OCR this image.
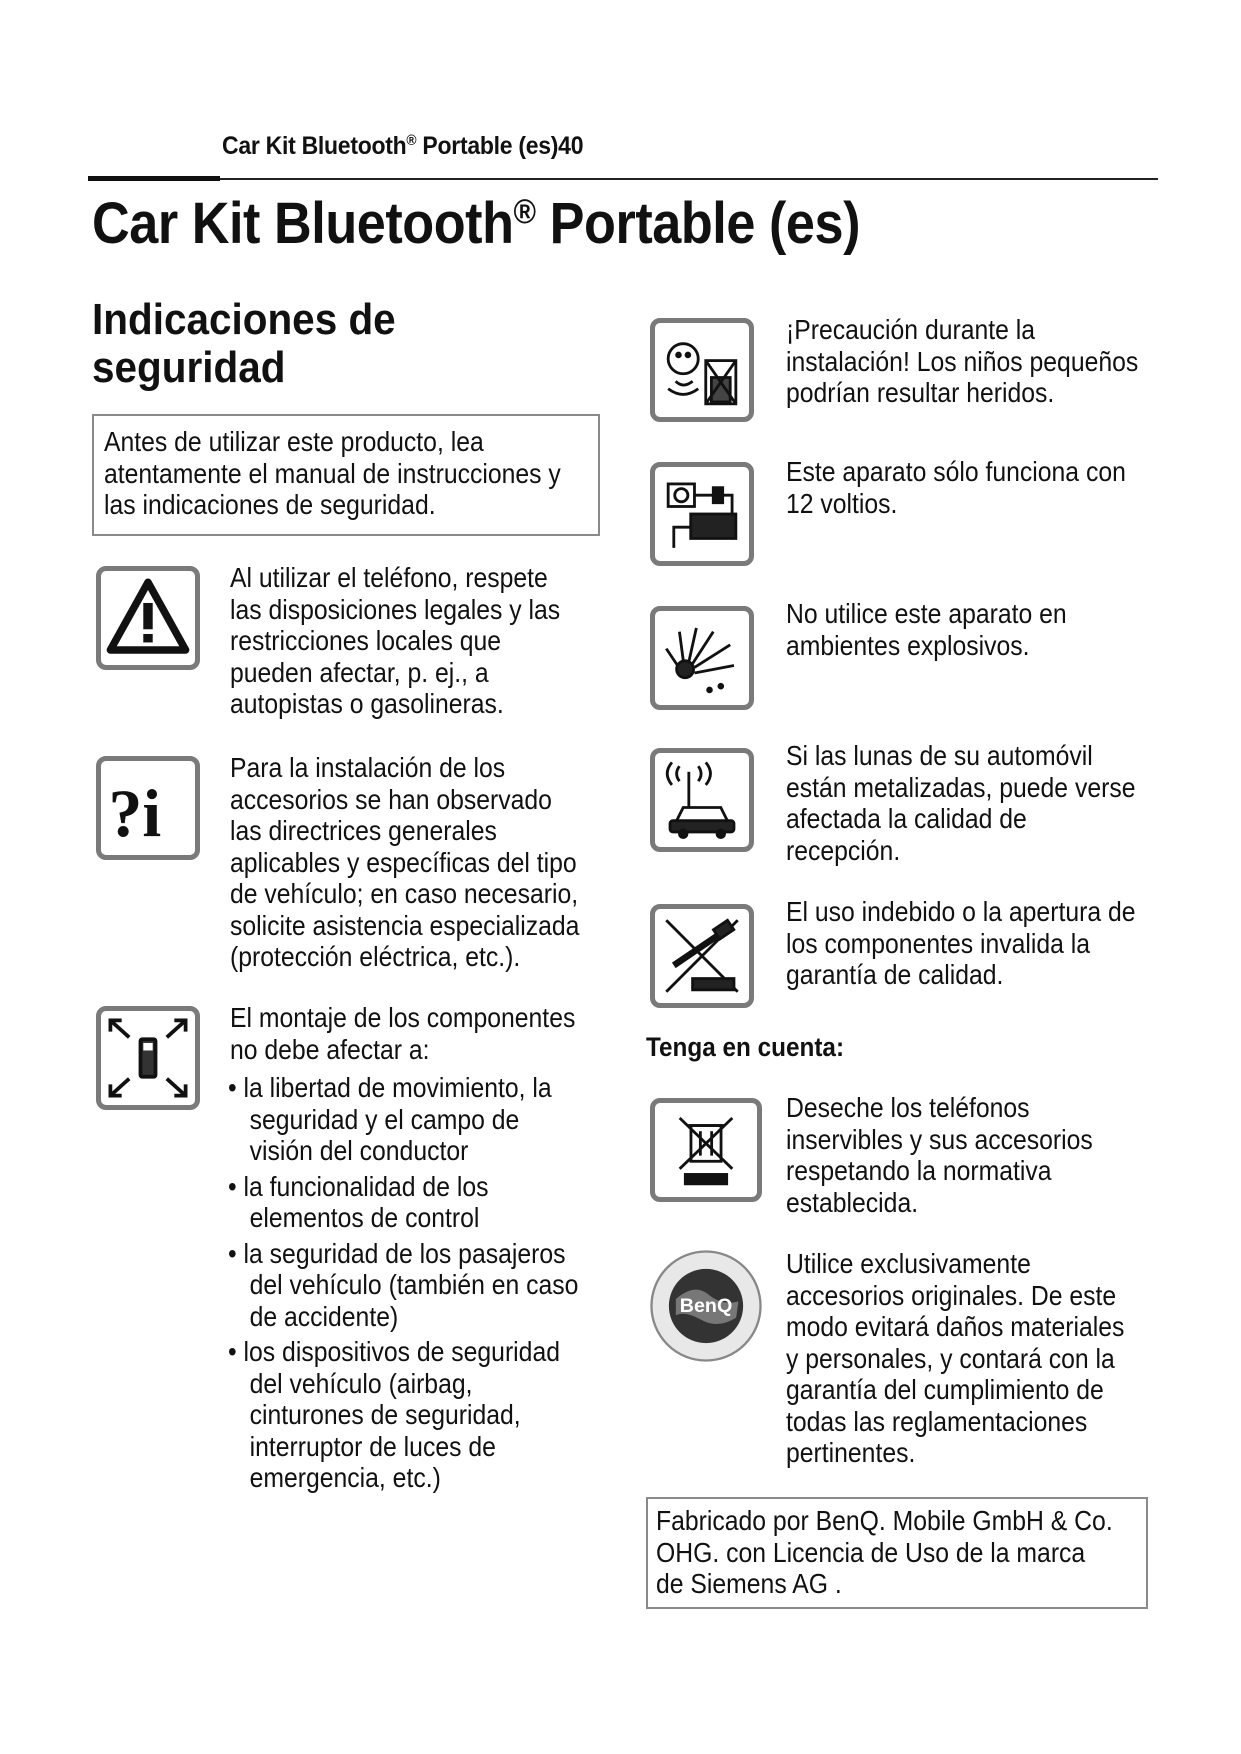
Car Kit Bluetooth® Portable (es)40
Car Kit Bluetooth® Portable (es)
Indicaciones de
seguridad
Antes de utilizar este producto, lea
atentamente el manual de instrucciones y
las indicaciones de seguridad.
Al utilizar el teléfono, respete
las disposiciones legales y las
restricciones locales que
pueden afectar, p. ej., a
autopistas o gasolineras.
?i
Para la instalación de los
accesorios se han observado
las directrices generales
aplicables y específicas del tipo
de vehículo; en caso necesario,
solicite asistencia especializada
(protección eléctrica, etc.).
El montaje de los componentes
no debe afectar a:
• la libertad de movimiento, la
seguridad y el campo de
visión del conductor
• la funcionalidad de los
elementos de control
• la seguridad de los pasajeros
del vehículo (también en caso
de accidente)
• los dispositivos de seguridad
del vehículo (airbag,
cinturones de seguridad,
interruptor de luces de
emergencia, etc.)
¡Precaución durante la
instalación! Los niños pequeños
podrían resultar heridos.
Este aparato sólo funciona con
12 voltios.
No utilice este aparato en
ambientes explosivos.
Si las lunas de su automóvil
están metalizadas, puede verse
afectada la calidad de
recepción.
El uso indebido o la apertura de
los componentes invalida la
garantía de calidad.
Tenga en cuenta:
Deseche los teléfonos
inservibles y sus accesorios
respetando la normativa
establecida.
BenQ
Utilice exclusivamente
accesorios originales. De este
modo evitará daños materiales
y personales, y contará con la
garantía del cumplimiento de
todas las reglamentaciones
pertinentes.
Fabricado por BenQ. Mobile GmbH & Co.
OHG. con Licencia de Uso de la marca
de Siemens AG .
